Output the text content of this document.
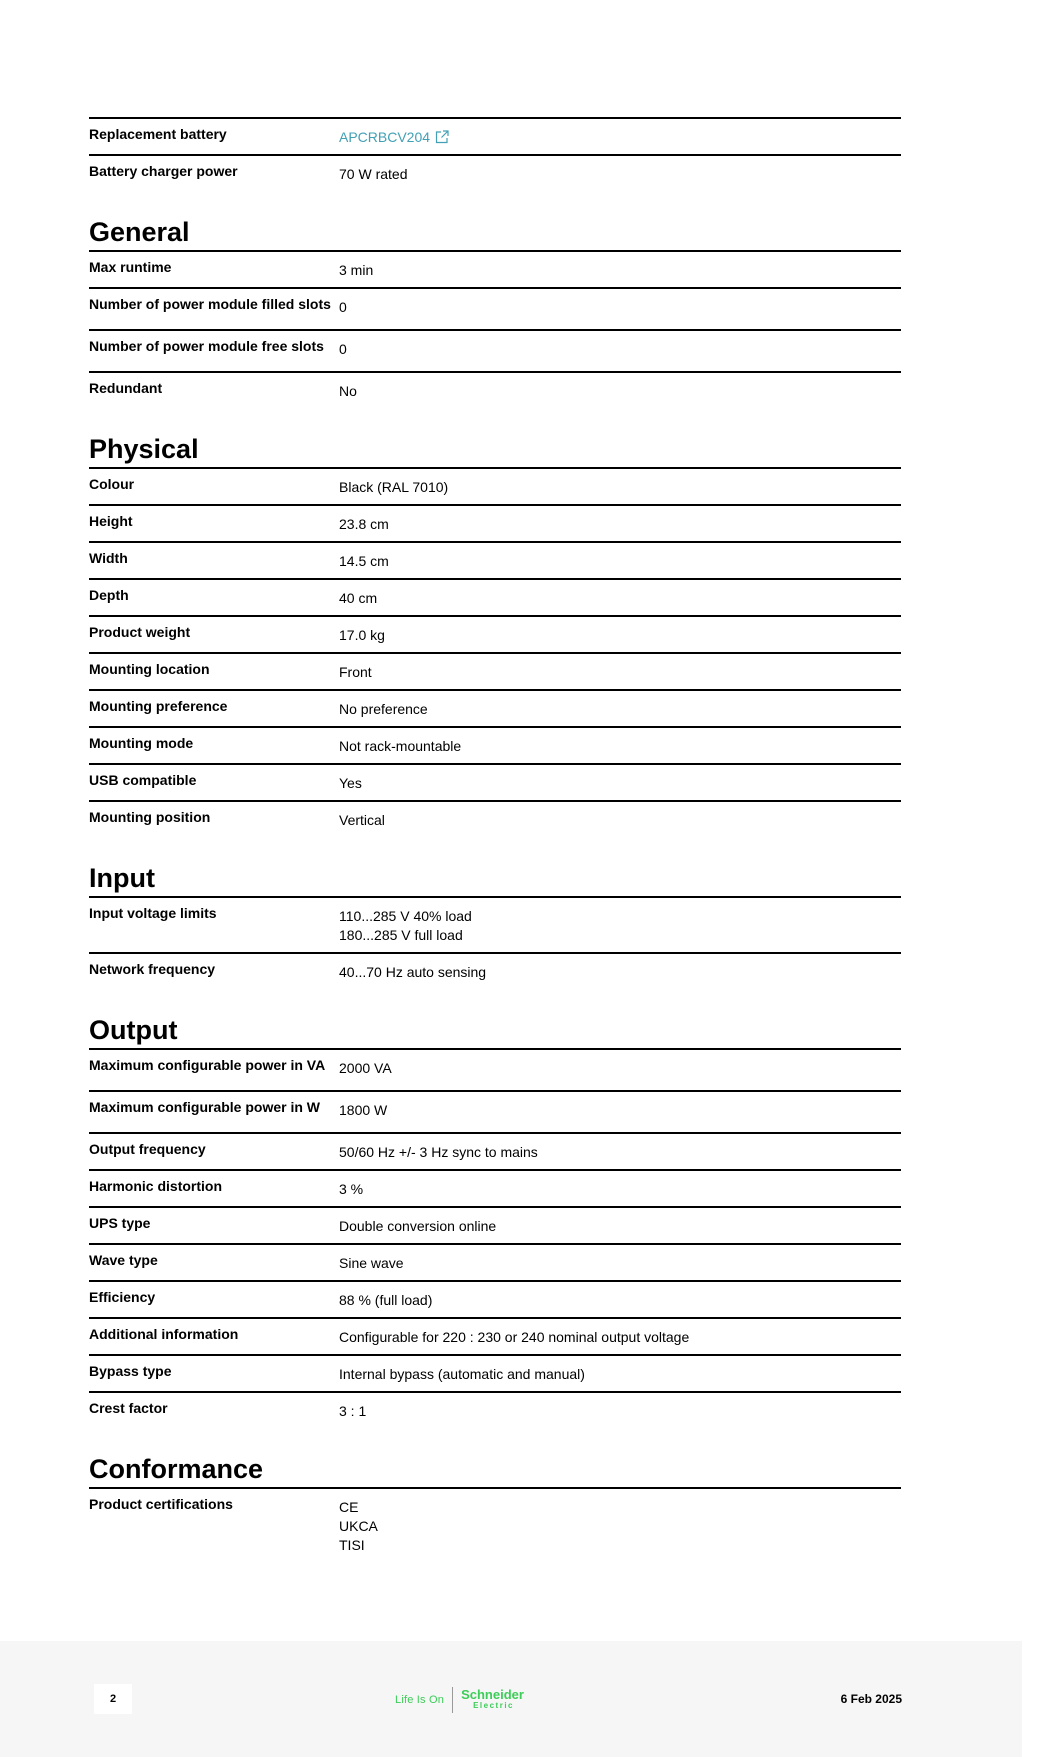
Replacement battery	APCRBCV204
Battery charger power	70 W rated
General
Max runtime	3 min
Number of power module filled slots 0
Number of power module free slots	0
Redundant	No
Physical
Colour	Black (RAL 7010)
Height	23.8 cm
Width	14.5 cm
Depth	40 cm
Product weight	17.0 kg
Mounting location	Front
Mounting preference	No preference
Mounting mode	Not rack-mountable
USB compatible	Yes
Mounting position	Vertical
Input
Input voltage limits	110...285 V 40% load
180...285 V full load
Network frequency	40...70 Hz auto sensing
Output
Maximum configurable power in VA 2000 VA
Maximum configurable power in W	1800 W
Output frequency	50/60 Hz +/- 3 Hz sync to mains
Harmonic distortion	3 %
UPS type	Double conversion online
Wave type	Sine wave
Efficiency	88 % (full load)
Additional information	Configurable for 220 : 230 or 240 nominal output voltage
Bypass type	Internal bypass (automatic and manual)
Crest factor	3 : 1
Conformance
Product certifications	CE
UKCA
TISI
2	Life Is On Schneider
Electric	6 Feb 2025
